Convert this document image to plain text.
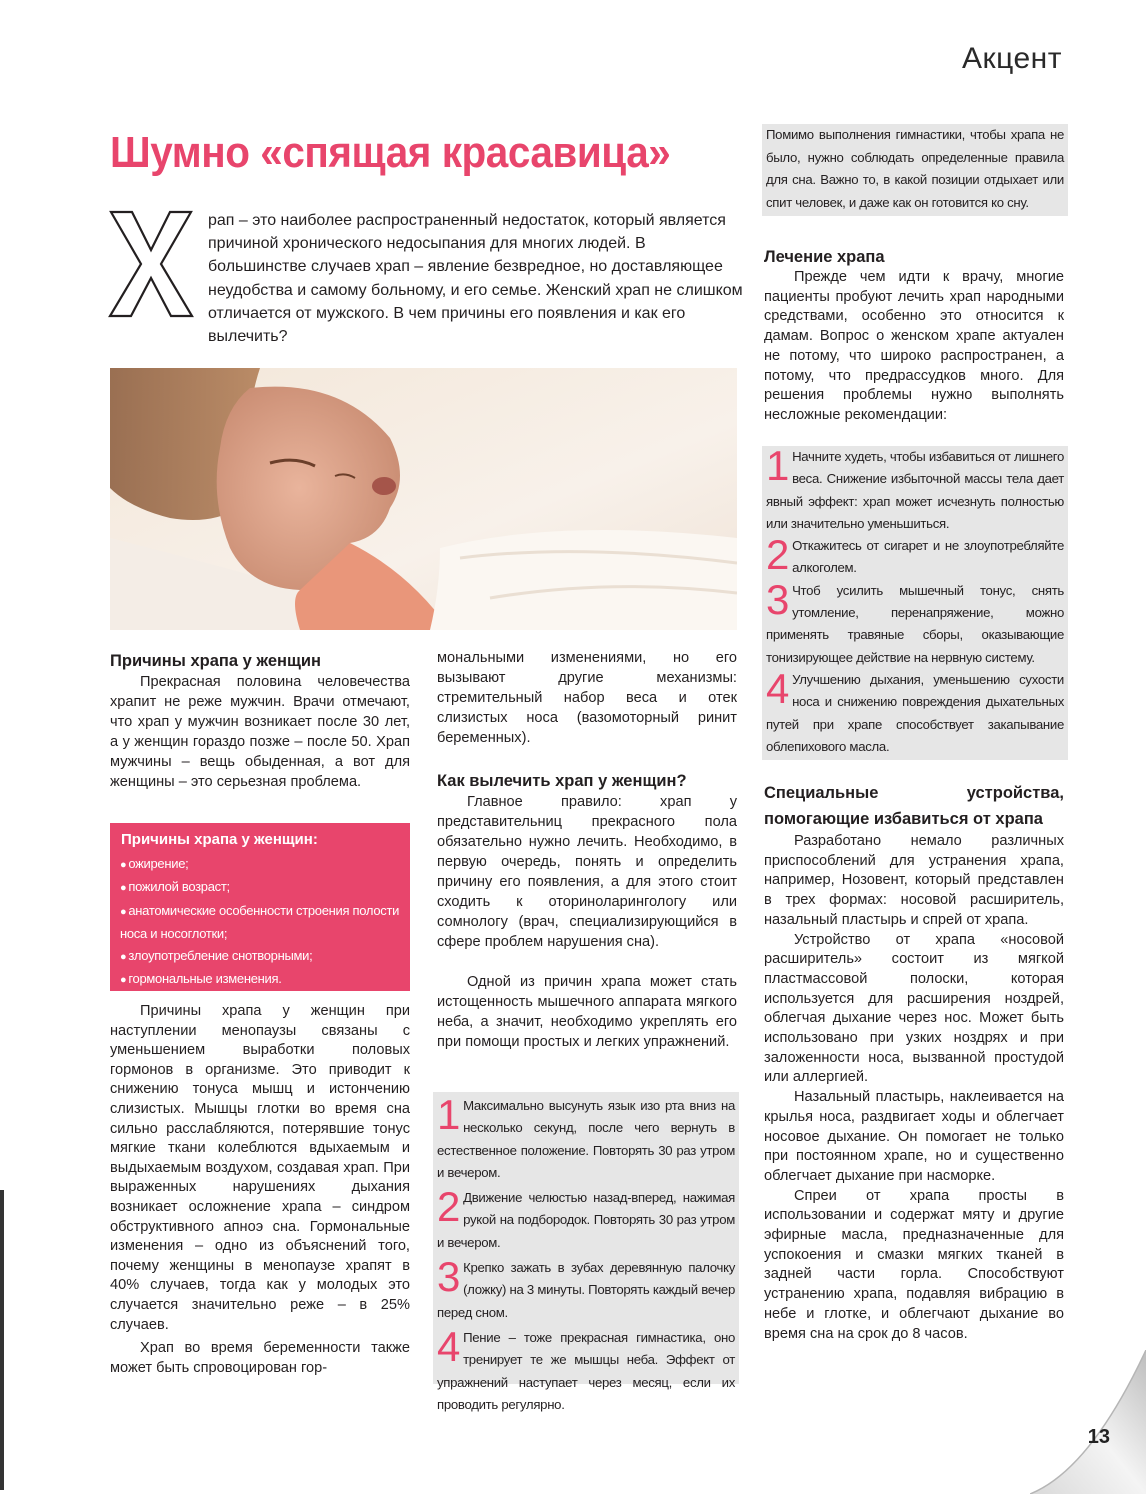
Акцент
Шумно «спящая красавица»

рап – это наиболее распространенный недостаток, который является причиной хронического недосыпания для многих людей. В большинстве случаев храп – явление безвредное, но доставляющее неудобства и самому больному, и его семье. Женский храп не слишком отличается от мужского. В чем причины его появления и как его вылечить?

Причины храпа у женщин

Прекрасная половина человечества храпит не реже мужчин. Врачи отмечают, что храп у мужчин возникает после 30 лет, а у женщин гораздо позже – после 50. Храп мужчины – вещь обыденная, а вот для женщины – это серьезная проблема.

Причины храпа у женщин:
● ожирение;
● пожилой возраст;
● анатомические особенности строения полости носа и носоглотки;
● злоупотребление снотворными;
● гормональные изменения.

Причины храпа у женщин при наступлении менопаузы связаны с уменьшением выработки половых гормонов в организме. Это приводит к снижению тонуса мышц и истончению слизистых. Мышцы глотки во время сна сильно расслабляются, потерявшие тонус мягкие ткани колеблются вдыхаемым и выдыхаемым воздухом, создавая храп. При выраженных нарушениях дыхания возникает осложнение храпа – синдром обструктивного апноэ сна. Гормональные изменения – одно из объяснений того, почему женщины в менопаузе храпят в 40% случаев, тогда как у молодых это случается значительно реже – в 25% случаев.

Храп во время беременности также может быть спровоцирован гор-

мональными изменениями, но его вызывают другие механизмы: стремительный набор веса и отек слизистых носа (вазомоторный ринит беременных).

Как вылечить храп у женщин?

Главное правило: храп у представительниц прекрасного пола обязательно нужно лечить. Необходимо, в первую очередь, понять и определить причину его появления, а для этого стоит сходить к оториноларингологу или сомнологу (врач, специализирующийся в сфере проблем нарушения сна).

Одной из причин храпа может стать истощенность мышечного аппарата мягкого неба, а значит, необходимо укреплять его при помощи простых и легких упражнений.

1 Максимально высунуть язык изо рта вниз на несколько секунд, после чего вернуть в естественное положение. Повторять 30 раз утром и вечером.
2 Движение челюстью назад-вперед, нажимая рукой на подбородок. Повторять 30 раз утром и вечером.
3 Крепко зажать в зубах деревянную палочку (ложку) на 3 минуты. Повторять каждый вечер перед сном.
4 Пение – тоже прекрасная гимнастика, оно тренирует те же мышцы неба. Эффект от упражнений наступает через месяц, если их проводить регулярно.
Помимо выполнения гимнастики, чтобы храпа не было, нужно соблюдать определенные правила для сна. Важно то, в какой позиции отдыхает или спит человек, и даже как он готовится ко сну.
Лечение храпа

Прежде чем идти к врачу, многие пациенты пробуют лечить храп народными средствами, особенно это относится к дамам. Вопрос о женском храпе актуален не потому, что широко распространен, а потому, что предрассудков много. Для решения проблемы нужно выполнять несложные рекомендации:

1 Начните худеть, чтобы избавиться от лишнего веса. Снижение избыточной массы тела дает явный эффект: храп может исчезнуть полностью или значительно уменьшиться.
2 Откажитесь от сигарет и не злоупотребляйте алкоголем.
3 Чтоб усилить мышечный тонус, снять утомление, перенапряжение, можно применять травяные сборы, оказывающие тонизирующее действие на нервную систему.
4 Улучшению дыхания, уменьшению сухости носа и снижению повреждения дыхательных путей при храпе способствует закапывание облепихового масла.
Специальные устройства, помогающие избавиться от храпа

Разработано немало различных приспособлений для устранения храпа, например, Нозовент, который представлен в трех формах: носовой расширитель, назальный пластырь и спрей от храпа.

Устройство от храпа «носовой расширитель» состоит из мягкой пластмассовой полоски, которая используется для расширения ноздрей, облегчая дыхание через нос. Может быть использовано при узких ноздрях и при заложенности носа, вызванной простудой или аллергией.

Назальный пластырь, наклеивается на крылья носа, раздвигает ходы и облегчает носовое дыхание. Он помогает не только при постоянном храпе, но и существенно облегчает дыхание при насморке.

Спреи от храпа просты в использовании и содержат мяту и другие эфирные масла, предназначенные для успокоения и смазки мягких тканей в задней части горла. Способствуют устранению храпа, подавляя вибрацию в небе и глотке, и облегчают дыхание во время сна на срок до 8 часов.

13
